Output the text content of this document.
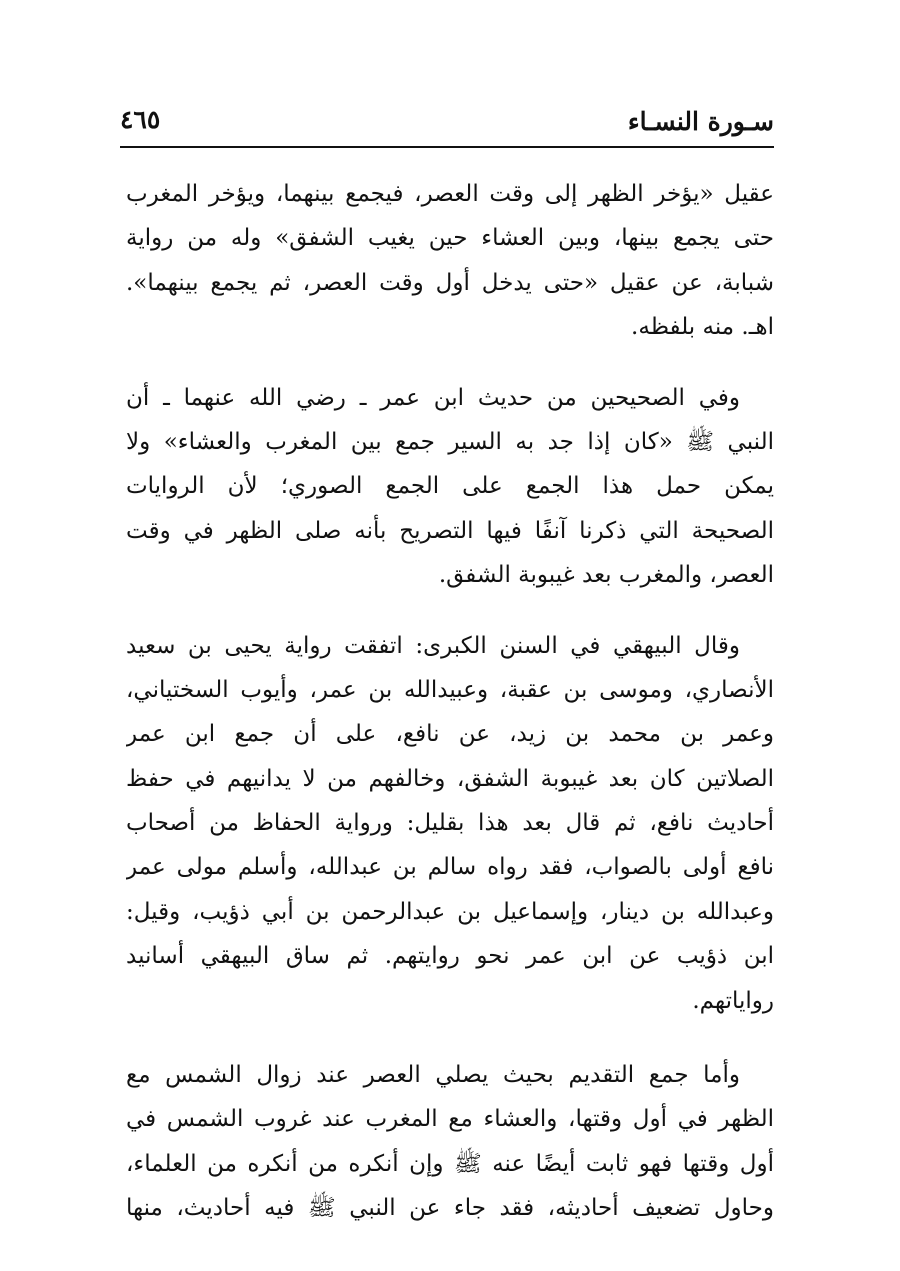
سـورة النسـاء
٤٦٥
عقيل «يؤخر الظهر إلى وقت العصر، فيجمع بينهما، ويؤخر المغرب
حتى يجمع بينها، وبين العشاء حين يغيب الشفق» وله من رواية
شبابة، عن عقيل «حتى يدخل أول وقت العصر، ثم يجمع بينهما».
اهـ. منه بلفظه.
وفي الصحيحين من حديث ابن عمر ـ رضي الله عنهما ـ أن
النبي ﷺ «كان إذا جد به السير جمع بين المغرب والعشاء» ولا
يمكن حمل هذا الجمع على الجمع الصوري؛ لأن الروايات
الصحيحة التي ذكرنا آنفًا فيها التصريح بأنه صلى الظهر في وقت
العصر، والمغرب بعد غيبوبة الشفق.
وقال البيهقي في السنن الكبرى: اتفقت رواية يحيى بن سعيد
الأنصاري، وموسى بن عقبة، وعبيدالله بن عمر، وأيوب السختياني،
وعمر بن محمد بن زيد، عن نافع، على أن جمع ابن عمر
الصلاتين كان بعد غيبوبة الشفق، وخالفهم من لا يدانيهم في حفظ
أحاديث نافع، ثم قال بعد هذا بقليل: ورواية الحفاظ من أصحاب
نافع أولى بالصواب، فقد رواه سالم بن عبدالله، وأسلم مولى عمر
وعبدالله بن دينار، وإسماعيل بن عبدالرحمن بن أبي ذؤيب، وقيل:
ابن ذؤيب عن ابن عمر نحو روايتهم. ثم ساق البيهقي أسانيد
رواياتهم.
وأما جمع التقديم بحيث يصلي العصر عند زوال الشمس مع
الظهر في أول وقتها، والعشاء مع المغرب عند غروب الشمس في
أول وقتها فهو ثابت أيضًا عنه ﷺ وإن أنكره من أنكره من العلماء،
وحاول تضعيف أحاديثه، فقد جاء عن النبي ﷺ فيه أحاديث، منها
